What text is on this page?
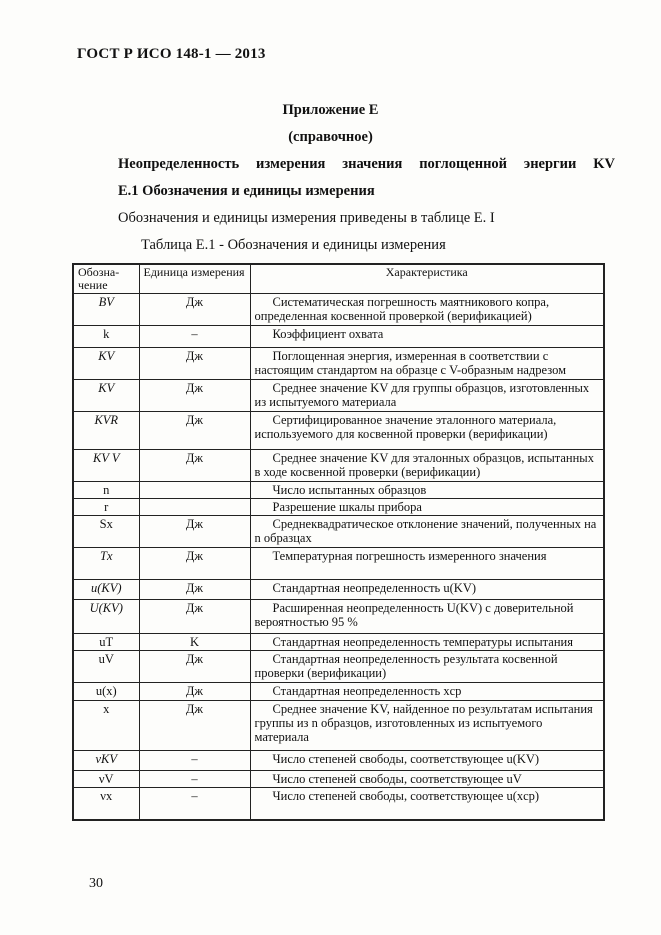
ГОСТ Р ИСО 148-1 — 2013
Приложение Е
(справочное)
Неопределенность измерения значения поглощенной энергии KV
Е.1 Обозначения и единицы измерения
Обозначения и единицы измерения приведены в таблице Е. I
Таблица Е.1 - Обозначения и единицы измерения
Обозна-чение	Единица измерения	Характеристика
BV	Дж	Систематическая погрешность маятникового копра, определенная косвенной проверкой (верификацией)
k	–	Коэффициент охвата
KV	Дж	Поглощенная энергия, измеренная в соответствии с настоящим стандартом на образце с V-образным надрезом
KV	Дж	Среднее значение KV для группы образцов, изготовленных из испытуемого материала
KVR	Дж	Сертифицированное значение эталонного материала, используемого для косвенной проверки (верификации)
KV V	Дж	Среднее значение KV для эталонных образцов, испытанных в ходе косвенной проверки (верификации)
n		Число испытанных образцов
r		Разрешение шкалы прибора
Sx	Дж	Среднеквадратическое отклонение значений, полученных на n образцах
Tx	Дж	Температурная погрешность измеренного значения
u(KV)	Дж	Стандартная неопределенность u(KV)
U(KV)	Дж	Расширенная неопределенность U(KV) с доверительной вероятностью 95 %
uT	K	Стандартная неопределенность температуры испытания
uV	Дж	Стандартная неопределенность результата косвенной проверки (верификации)
u(x)	Дж	Стандартная неопределенность xср
x	Дж	Среднее значение KV, найденное по результатам испытания группы из n образцов, изготовленных из испытуемого материала
νKV	–	Число степеней свободы, соответствующее u(KV)
νV	–	Число степеней свободы, соответствующее uV
νx	–	Число степеней свободы, соответствующее u(xср)
30
